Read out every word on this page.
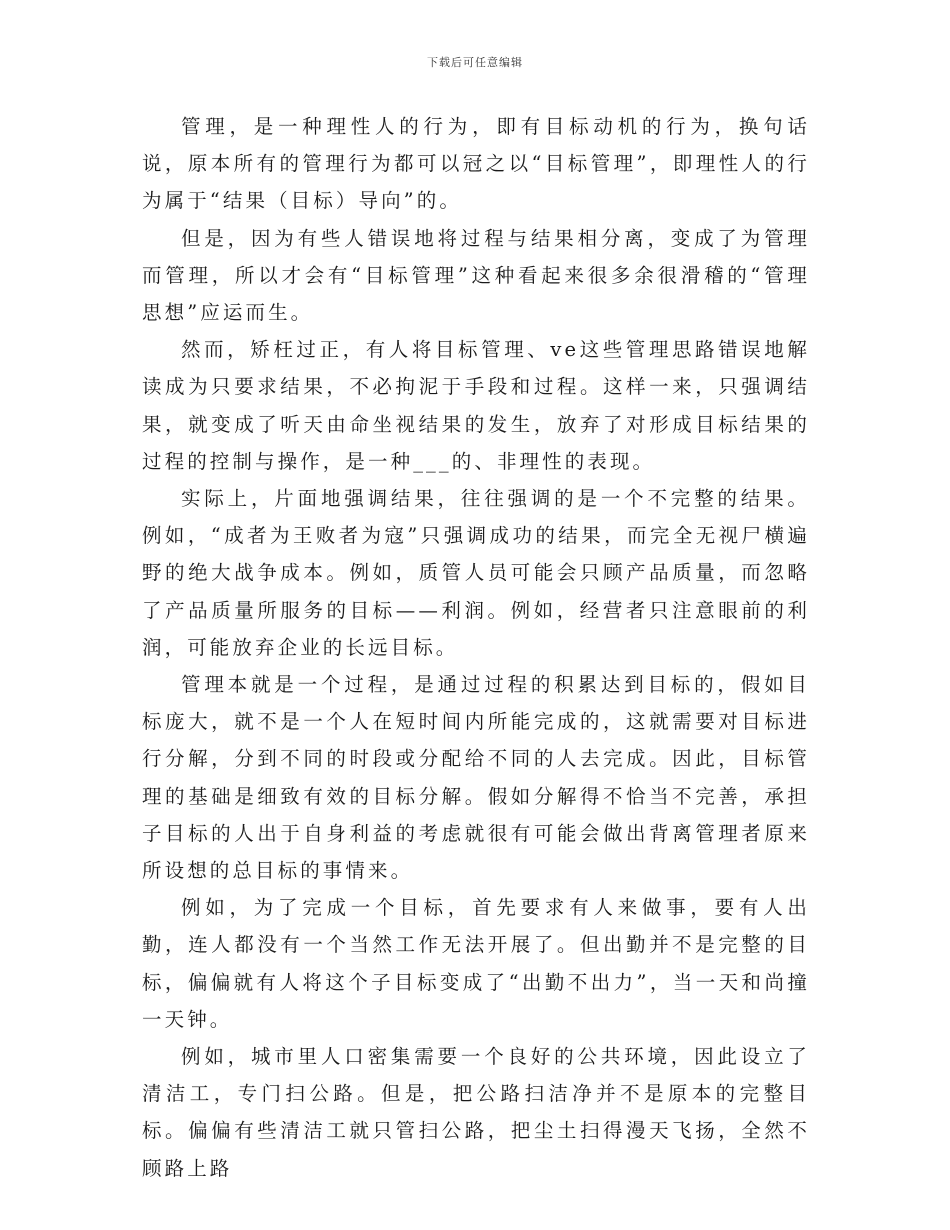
下载后可任意编辑

管理，是一种理性人的行为，即有目标动机的行为，换句话说，原本所有的管理行为都可以冠之以“目标管理”，即理性人的行为属于“结果（目标）导向”的。

但是，因为有些人错误地将过程与结果相分离，变成了为管理而管理，所以才会有“目标管理”这种看起来很多余很滑稽的“管理思想”应运而生。

然而，矫枉过正，有人将目标管理、ve这些管理思路错误地解读成为只要求结果，不必拘泥于手段和过程。这样一来，只强调结果，就变成了听天由命坐视结果的发生，放弃了对形成目标结果的过程的控制与操作，是一种___的、非理性的表现。

实际上，片面地强调结果，往往强调的是一个不完整的结果。例如，“成者为王败者为寇”只强调成功的结果，而完全无视尸横遍野的绝大战争成本。例如，质管人员可能会只顾产品质量，而忽略了产品质量所服务的目标——利润。例如，经营者只注意眼前的利润，可能放弃企业的长远目标。

管理本就是一个过程，是通过过程的积累达到目标的，假如目标庞大，就不是一个人在短时间内所能完成的，这就需要对目标进行分解，分到不同的时段或分配给不同的人去完成。因此，目标管理的基础是细致有效的目标分解。假如分解得不恰当不完善，承担子目标的人出于自身利益的考虑就很有可能会做出背离管理者原来所设想的总目标的事情来。

例如，为了完成一个目标，首先要求有人来做事，要有人出勤，连人都没有一个当然工作无法开展了。但出勤并不是完整的目标，偏偏就有人将这个子目标变成了“出勤不出力”，当一天和尚撞一天钟。

例如，城市里人口密集需要一个良好的公共环境，因此设立了清洁工，专门扫公路。但是，把公路扫洁净并不是原本的完整目标。偏偏有些清洁工就只管扫公路，把尘土扫得漫天飞扬，全然不顾路上路
